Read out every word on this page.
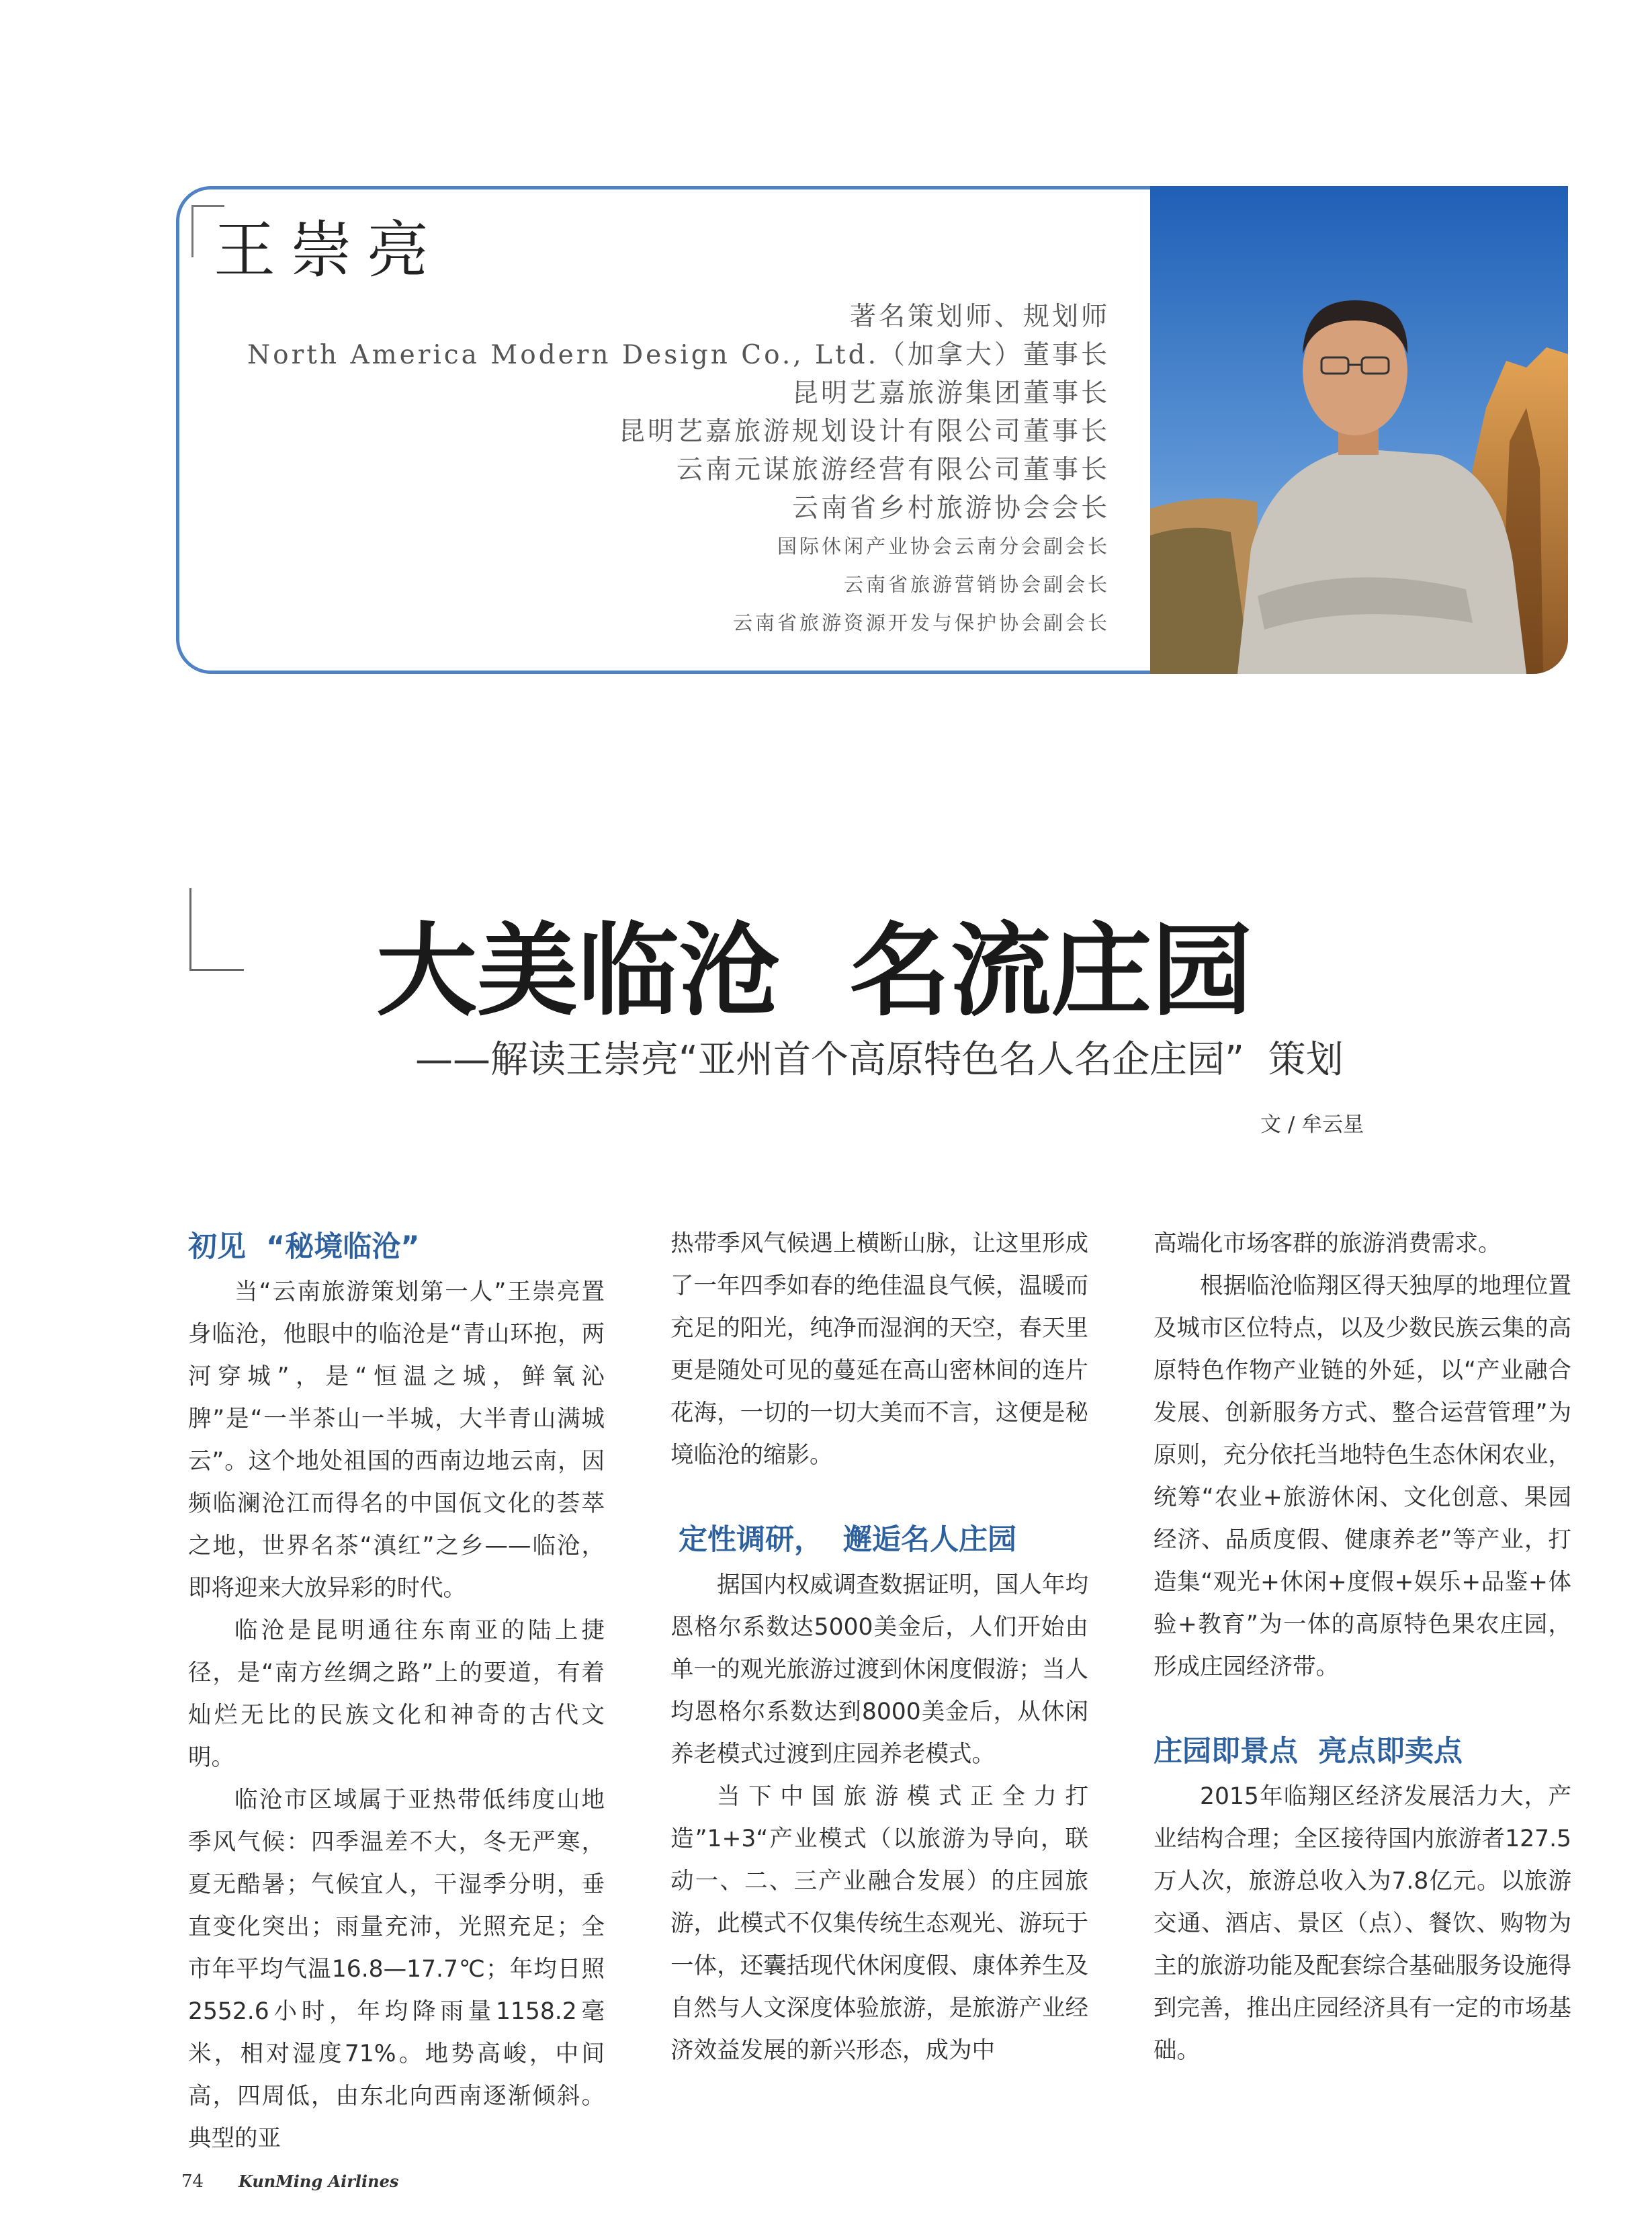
王崇亮
著名策划师、规划师
North America Modern Design Co., Ltd.（加拿大）董事长
昆明艺嘉旅游集团董事长
昆明艺嘉旅游规划设计有限公司董事长
云南元谋旅游经营有限公司董事长
云南省乡村旅游协会会长
国际休闲产业协会云南分会副会长
云南省旅游营销协会副会长
云南省旅游资源开发与保护协会副会长
大美临沧  名流庄园
——解读王崇亮“亚州首个高原特色名人名企庄园”  策划
文 / 牟云星
初见  “秘境临沧”

当“云南旅游策划第一人”王崇亮置身临沧，他眼中的临沧是“青山环抱，两河穿城”，是“恒温之城，鲜氧沁脾”是“一半茶山一半城，大半青山满城云”。这个地处祖国的西南边地云南，因频临澜沧江而得名的中国佤文化的荟萃之地，世界名茶“滇红”之乡——临沧，即将迎来大放异彩的时代。

临沧是昆明通往东南亚的陆上捷径，是“南方丝绸之路”上的要道，有着灿烂无比的民族文化和神奇的古代文明。

临沧市区域属于亚热带低纬度山地季风气候：四季温差不大，冬无严寒，夏无酷暑；气候宜人，干湿季分明，垂直变化突出；雨量充沛，光照充足；全市年平均气温16.8—17.7℃；年均日照2552.6小时，年均降雨量1158.2毫米，相对湿度71%。地势高峻，中间高，四周低，由东北向西南逐渐倾斜。典型的亚

热带季风气候遇上横断山脉，让这里形成了一年四季如春的绝佳温良气候，温暖而充足的阳光，纯净而湿润的天空，春天里更是随处可见的蔓延在高山密林间的连片花海，一切的一切大美而不言，这便是秘境临沧的缩影。

定性调研，  邂逅名人庄园

据国内权威调查数据证明，国人年均恩格尔系数达5000美金后，人们开始由单一的观光旅游过渡到休闲度假游；当人均恩格尔系数达到8000美金后，从休闲养老模式过渡到庄园养老模式。

当下中国旅游模式正全力打造”1+3“产业模式（以旅游为导向，联动一、二、三产业融合发展）的庄园旅游，此模式不仅集传统生态观光、游玩于一体，还囊括现代休闲度假、康体养生及自然与人文深度体验旅游，是旅游产业经济效益发展的新兴形态，成为中

高端化市场客群的旅游消费需求。

根据临沧临翔区得天独厚的地理位置及城市区位特点，以及少数民族云集的高原特色作物产业链的外延，以“产业融合发展、创新服务方式、整合运营管理”为原则，充分依托当地特色生态休闲农业，统筹“农业+旅游休闲、文化创意、果园经济、品质度假、健康养老”等产业，打造集“观光+休闲+度假+娱乐+品鉴+体验+教育”为一体的高原特色果农庄园，形成庄园经济带。

庄园即景点  亮点即卖点

2015年临翔区经济发展活力大，产业结构合理；全区接待国内旅游者127.5万人次，旅游总收入为7.8亿元。以旅游交通、酒店、景区（点）、餐饮、购物为主的旅游功能及配套综合基础服务设施得到完善，推出庄园经济具有一定的市场基础。

74 KunMing Airlines
